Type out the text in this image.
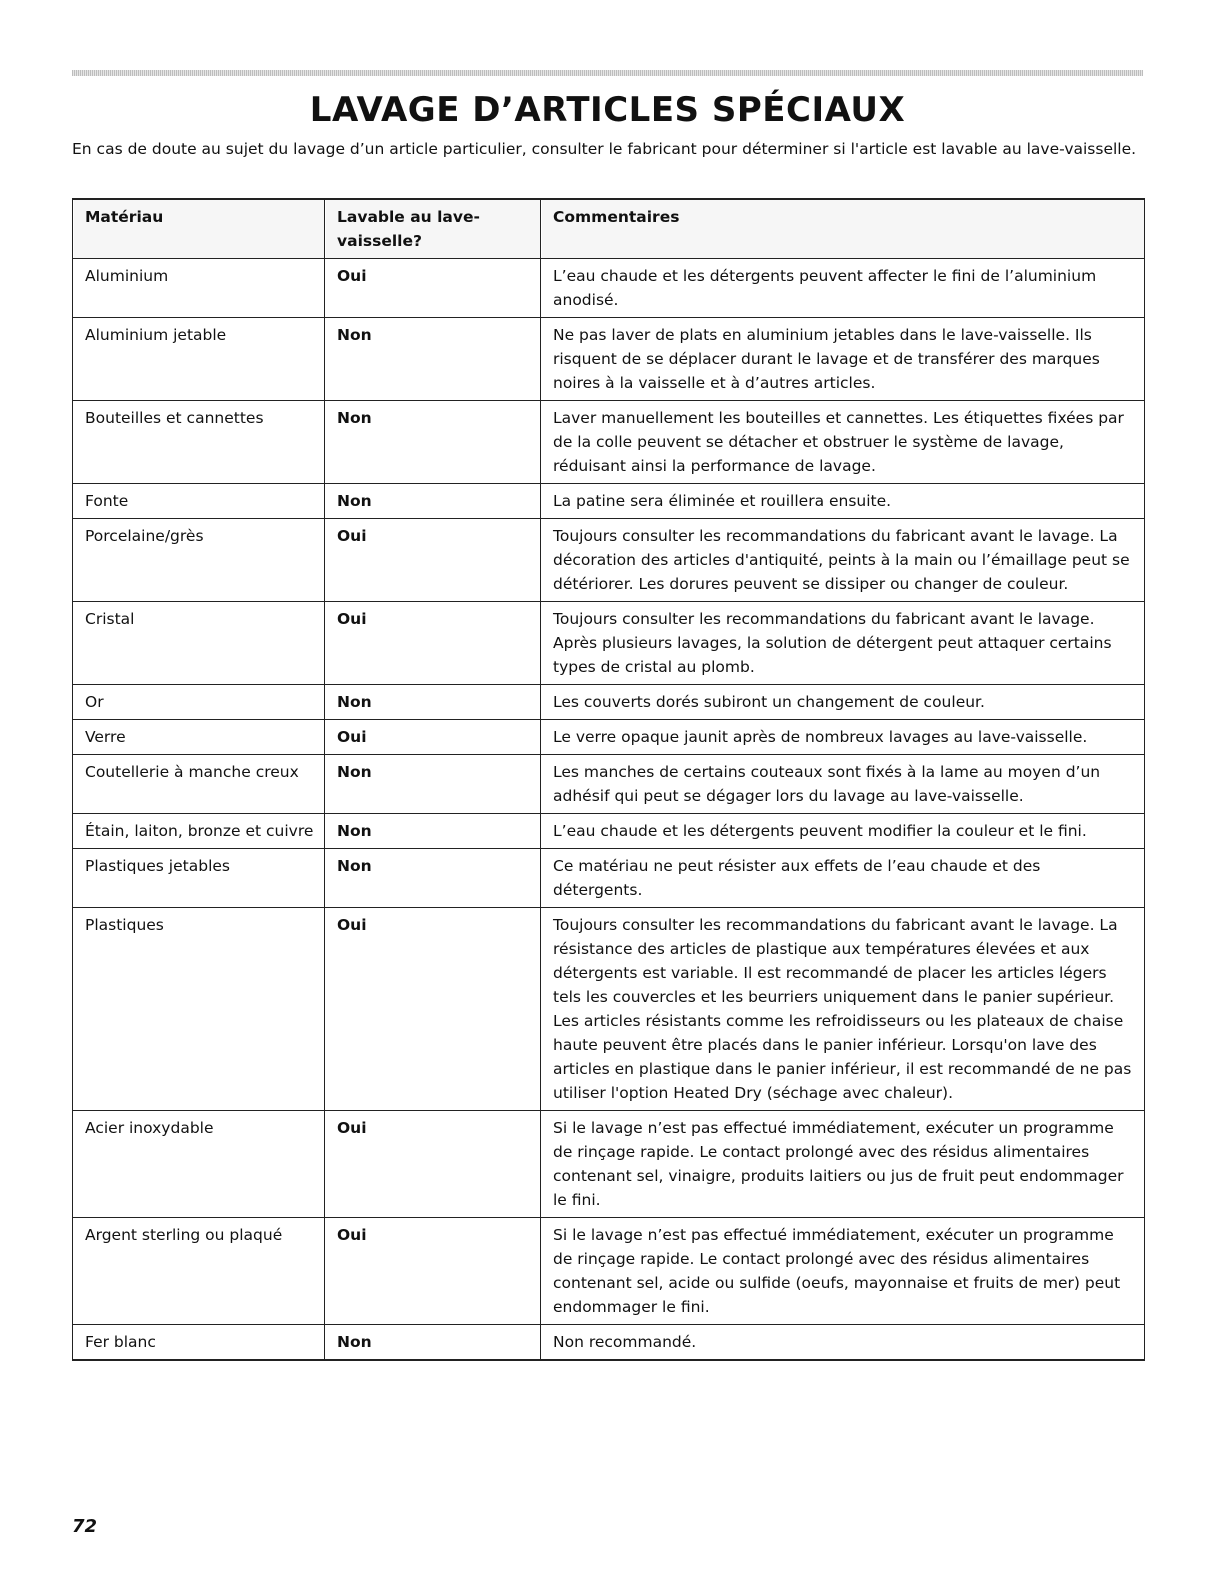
LAVAGE D’ARTICLES SPÉCIAUX

En cas de doute au sujet du lavage d’un article particulier, consulter le fabricant pour déterminer si l'article est lavable au lave-vaisselle.

Matériau	Lavable au lave-vaisselle?	Commentaires
Aluminium	Oui	L’eau chaude et les détergents peuvent affecter le fini de l’aluminium anodisé.
Aluminium jetable	Non	Ne pas laver de plats en aluminium jetables dans le lave-vaisselle. Ils risquent de se déplacer durant le lavage et de transférer des marques noires à la vaisselle et à d’autres articles.
Bouteilles et cannettes	Non	Laver manuellement les bouteilles et cannettes. Les étiquettes fixées par de la colle peuvent se détacher et obstruer le système de lavage, réduisant ainsi la performance de lavage.
Fonte	Non	La patine sera éliminée et rouillera ensuite.
Porcelaine/grès	Oui	Toujours consulter les recommandations du fabricant avant le lavage. La décoration des articles d'antiquité, peints à la main ou l’émaillage peut se détériorer. Les dorures peuvent se dissiper ou changer de couleur.
Cristal	Oui	Toujours consulter les recommandations du fabricant avant le lavage. Après plusieurs lavages, la solution de détergent peut attaquer certains types de cristal au plomb.
Or	Non	Les couverts dorés subiront un changement de couleur.
Verre	Oui	Le verre opaque jaunit après de nombreux lavages au lave-vaisselle.
Coutellerie à manche creux	Non	Les manches de certains couteaux sont fixés à la lame au moyen d’un adhésif qui peut se dégager lors du lavage au lave-vaisselle.
Étain, laiton, bronze et cuivre	Non	L’eau chaude et les détergents peuvent modifier la couleur et le fini.
Plastiques jetables	Non	Ce matériau ne peut résister aux effets de l’eau chaude et des détergents.
Plastiques	Oui	Toujours consulter les recommandations du fabricant avant le lavage. La résistance des articles de plastique aux températures élevées et aux détergents est variable. Il est recommandé de placer les articles légers tels les couvercles et les beurriers uniquement dans le panier supérieur. Les articles résistants comme les refroidisseurs ou les plateaux de chaise haute peuvent être placés dans le panier inférieur. Lorsqu'on lave des articles en plastique dans le panier inférieur, il est recommandé de ne pas utiliser l'option Heated Dry (séchage avec chaleur).
Acier inoxydable	Oui	Si le lavage n’est pas effectué immédiatement, exécuter un programme de rinçage rapide. Le contact prolongé avec des résidus alimentaires contenant sel, vinaigre, produits laitiers ou jus de fruit peut endommager le fini.
Argent sterling ou plaqué	Oui	Si le lavage n’est pas effectué immédiatement, exécuter un programme de rinçage rapide. Le contact prolongé avec des résidus alimentaires contenant sel, acide ou sulfide (oeufs, mayonnaise et fruits de mer) peut endommager le fini.
Fer blanc	Non	Non recommandé.
72
